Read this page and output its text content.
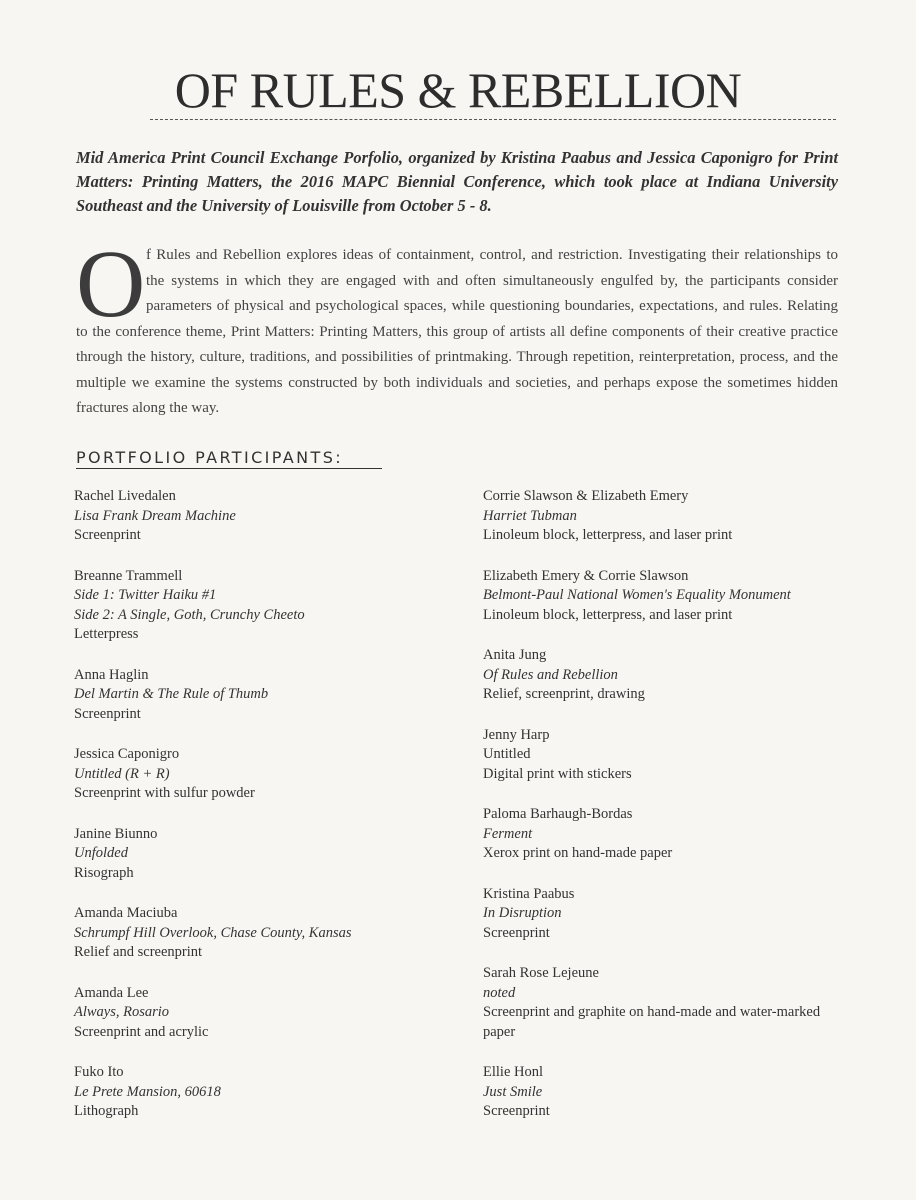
OF RULES & REBELLION

Mid America Print Council Exchange Porfolio, organized by Kristina Paabus and Jessica Caponigro for Print Matters: Printing Matters, the 2016 MAPC Biennial Conference, which took place at Indiana University Southeast and the University of Louisville from October 5 - 8.

O f Rules and Rebellion explores ideas of containment, control, and restriction. Investigating their relationships to the systems in which they are engaged with and often simultaneously engulfed by, the participants consider parameters of physical and psychological spaces, while questioning boundaries, expectations, and rules. Relating to the conference theme, Print Matters: Printing Matters, this group of artists all define components of their creative practice through the history, culture, traditions, and possibilities of printmaking. Through repetition, reinterpretation, process, and the multiple we examine the systems constructed by both individuals and societies, and perhaps expose the sometimes hidden fractures along the way.
PORTFOLIO PARTICIPANTS:
Rachel Livedalen
Lisa Frank Dream Machine
Screenprint
Breanne Trammell
Side 1: Twitter Haiku #1
Side 2: A Single, Goth, Crunchy Cheeto
Letterpress
Anna Haglin
Del Martin & The Rule of Thumb
Screenprint
Jessica Caponigro
Untitled (R + R)
Screenprint with sulfur powder
Janine Biunno
Unfolded
Risograph
Amanda Maciuba
Schrumpf Hill Overlook, Chase County, Kansas
Relief and screenprint
Amanda Lee
Always, Rosario
Screenprint and acrylic
Fuko Ito
Le Prete Mansion, 60618
Lithograph
Corrie Slawson & Elizabeth Emery
Harriet Tubman
Linoleum block, letterpress, and laser print
Elizabeth Emery & Corrie Slawson
Belmont-Paul National Women's Equality Monument
Linoleum block, letterpress, and laser print
Anita Jung
Of Rules and Rebellion
Relief, screenprint, drawing
Jenny Harp
Untitled
Digital print with stickers
Paloma Barhaugh-Bordas
Ferment
Xerox print on hand-made paper
Kristina Paabus
In Disruption
Screenprint
Sarah Rose Lejeune
noted
Screenprint and graphite on hand-made and water-marked paper
Ellie Honl
Just Smile
Screenprint
